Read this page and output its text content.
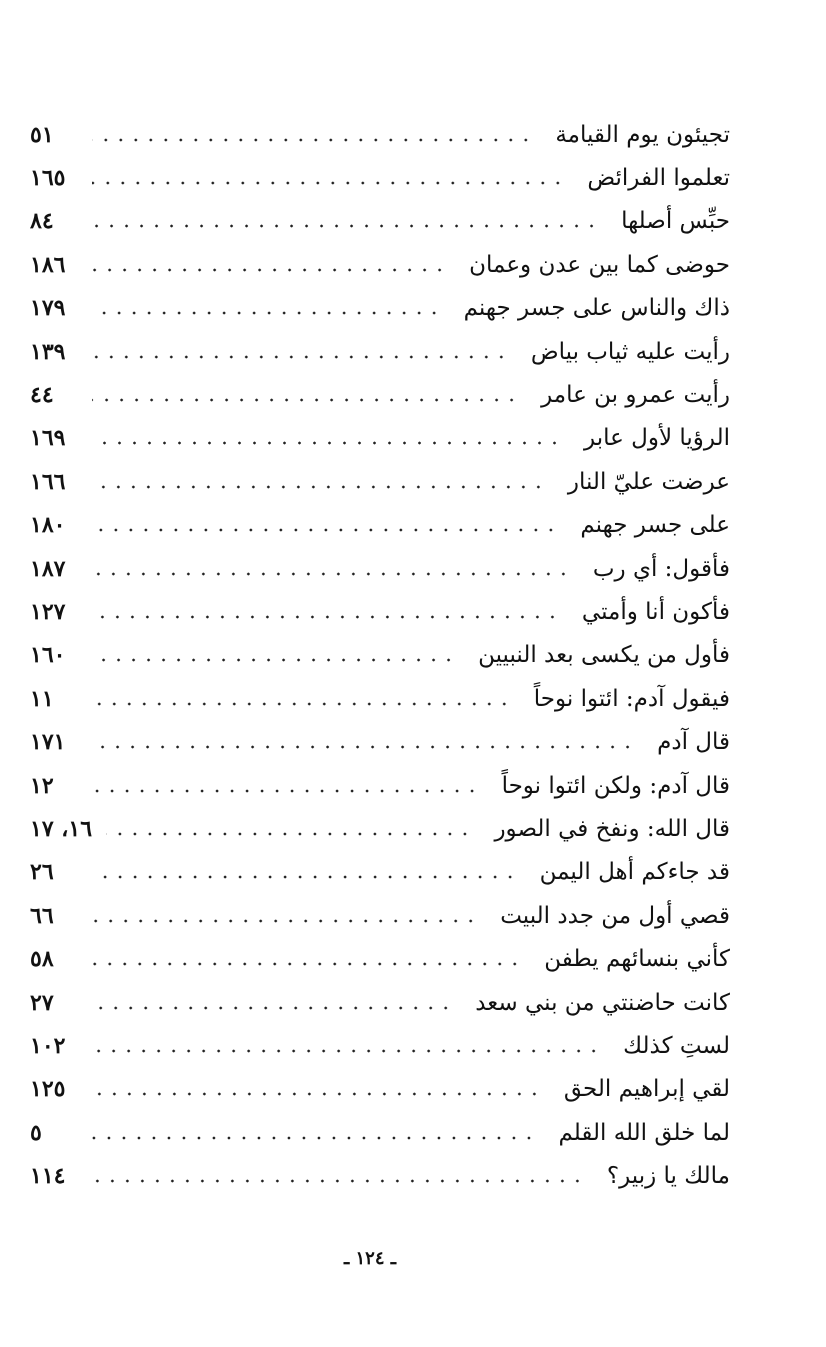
٥١	تجيئون يوم القيامة
١٦٥	تعلموا الفرائض
٨٤	حبِّس أصلها
١٨٦	حوضى كما بين عدن وعمان
١٧٩	ذاك والناس على جسر جهنم
١٣٩	رأيت عليه ثياب بياض
٤٤	رأيت عمرو بن عامر
١٦٩	الرؤيا لأول عابر
١٦٦	عرضت عليّ النار
١٨٠	على جسر جهنم
١٨٧	فأقول: أي رب
١٢٧	فأكون أنا وأمتي
١٦٠	فأول من يكسى بعد النبيين
١١	فيقول آدم: ائتوا نوحاً
١٧١	قال آدم
١٢	قال آدم: ولكن ائتوا نوحاً
١٦، ١٧	قال الله: ونفخ في الصور
٢٦	قد جاءكم أهل اليمن
٦٦	قصي أول من جدد البيت
٥٨	كأني بنسائهم يطفن
٢٧	كانت حاضنتي من بني سعد
١٠٢	لستِ كذلك
١٢٥	لقي إبراهيم الحق
٥	لما خلق الله القلم
١١٤	مالك يا زبير؟
ـ ١٢٤ ـ
